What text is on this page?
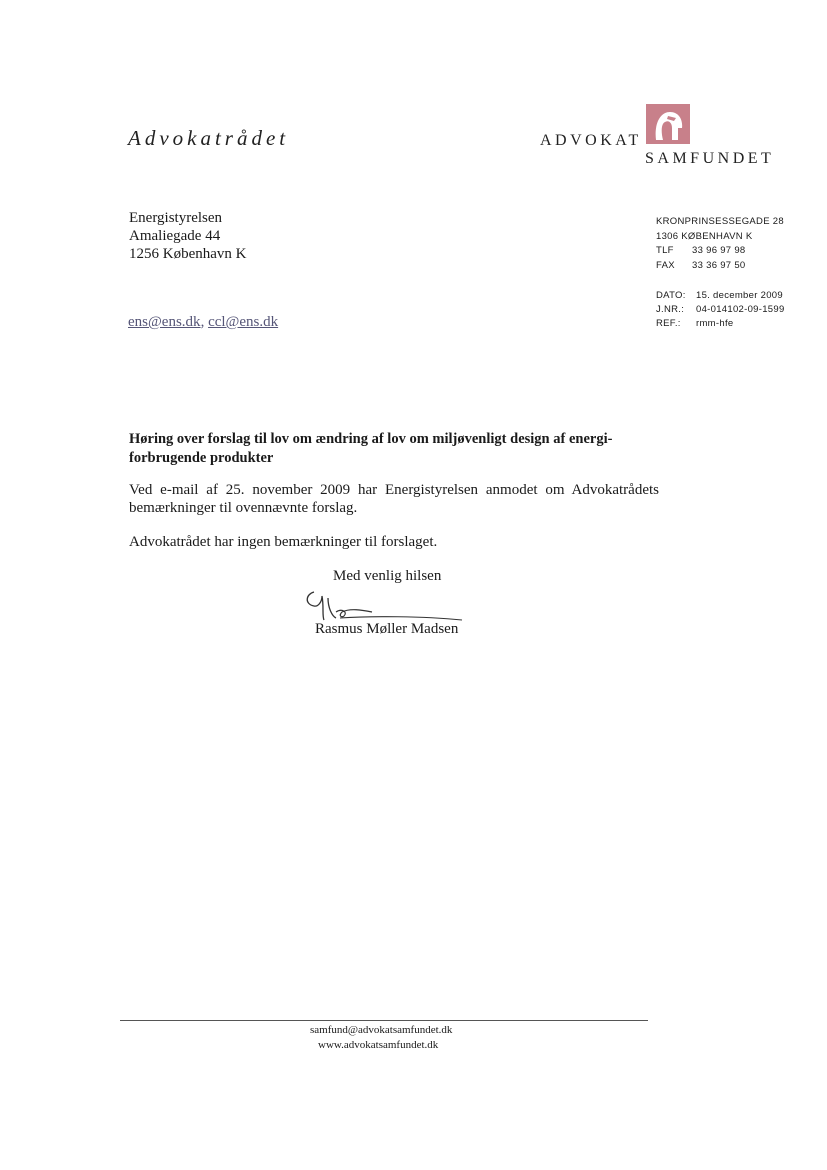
Advokatrådet	ADVOKAT
SAMFUNDET
Energistyrelsen
Amaliegade 44
1256 København K
ens@ens.dk, ccl@ens.dk
KRONPRINSESSEGADE 28
1306 KØBENHAVN K
TLF	33 96 97 98
FAX	33 36 97 50
DATO:	15. december 2009
J.NR.:	04-014102-09-1599
REF.:	rmm-hfe
Høring over forslag til lov om ændring af lov om miljøvenligt design af energi-forbrugende produkter
Ved e-mail af 25. november 2009 har Energistyrelsen anmodet om Advokatrådets bemærkninger til ovennævnte forslag.
Advokatrådet har ingen bemærkninger til forslaget.
Med venlig hilsen
Rasmus Møller Madsen
samfund@advokatsamfundet.dk
www.advokatsamfundet.dk
